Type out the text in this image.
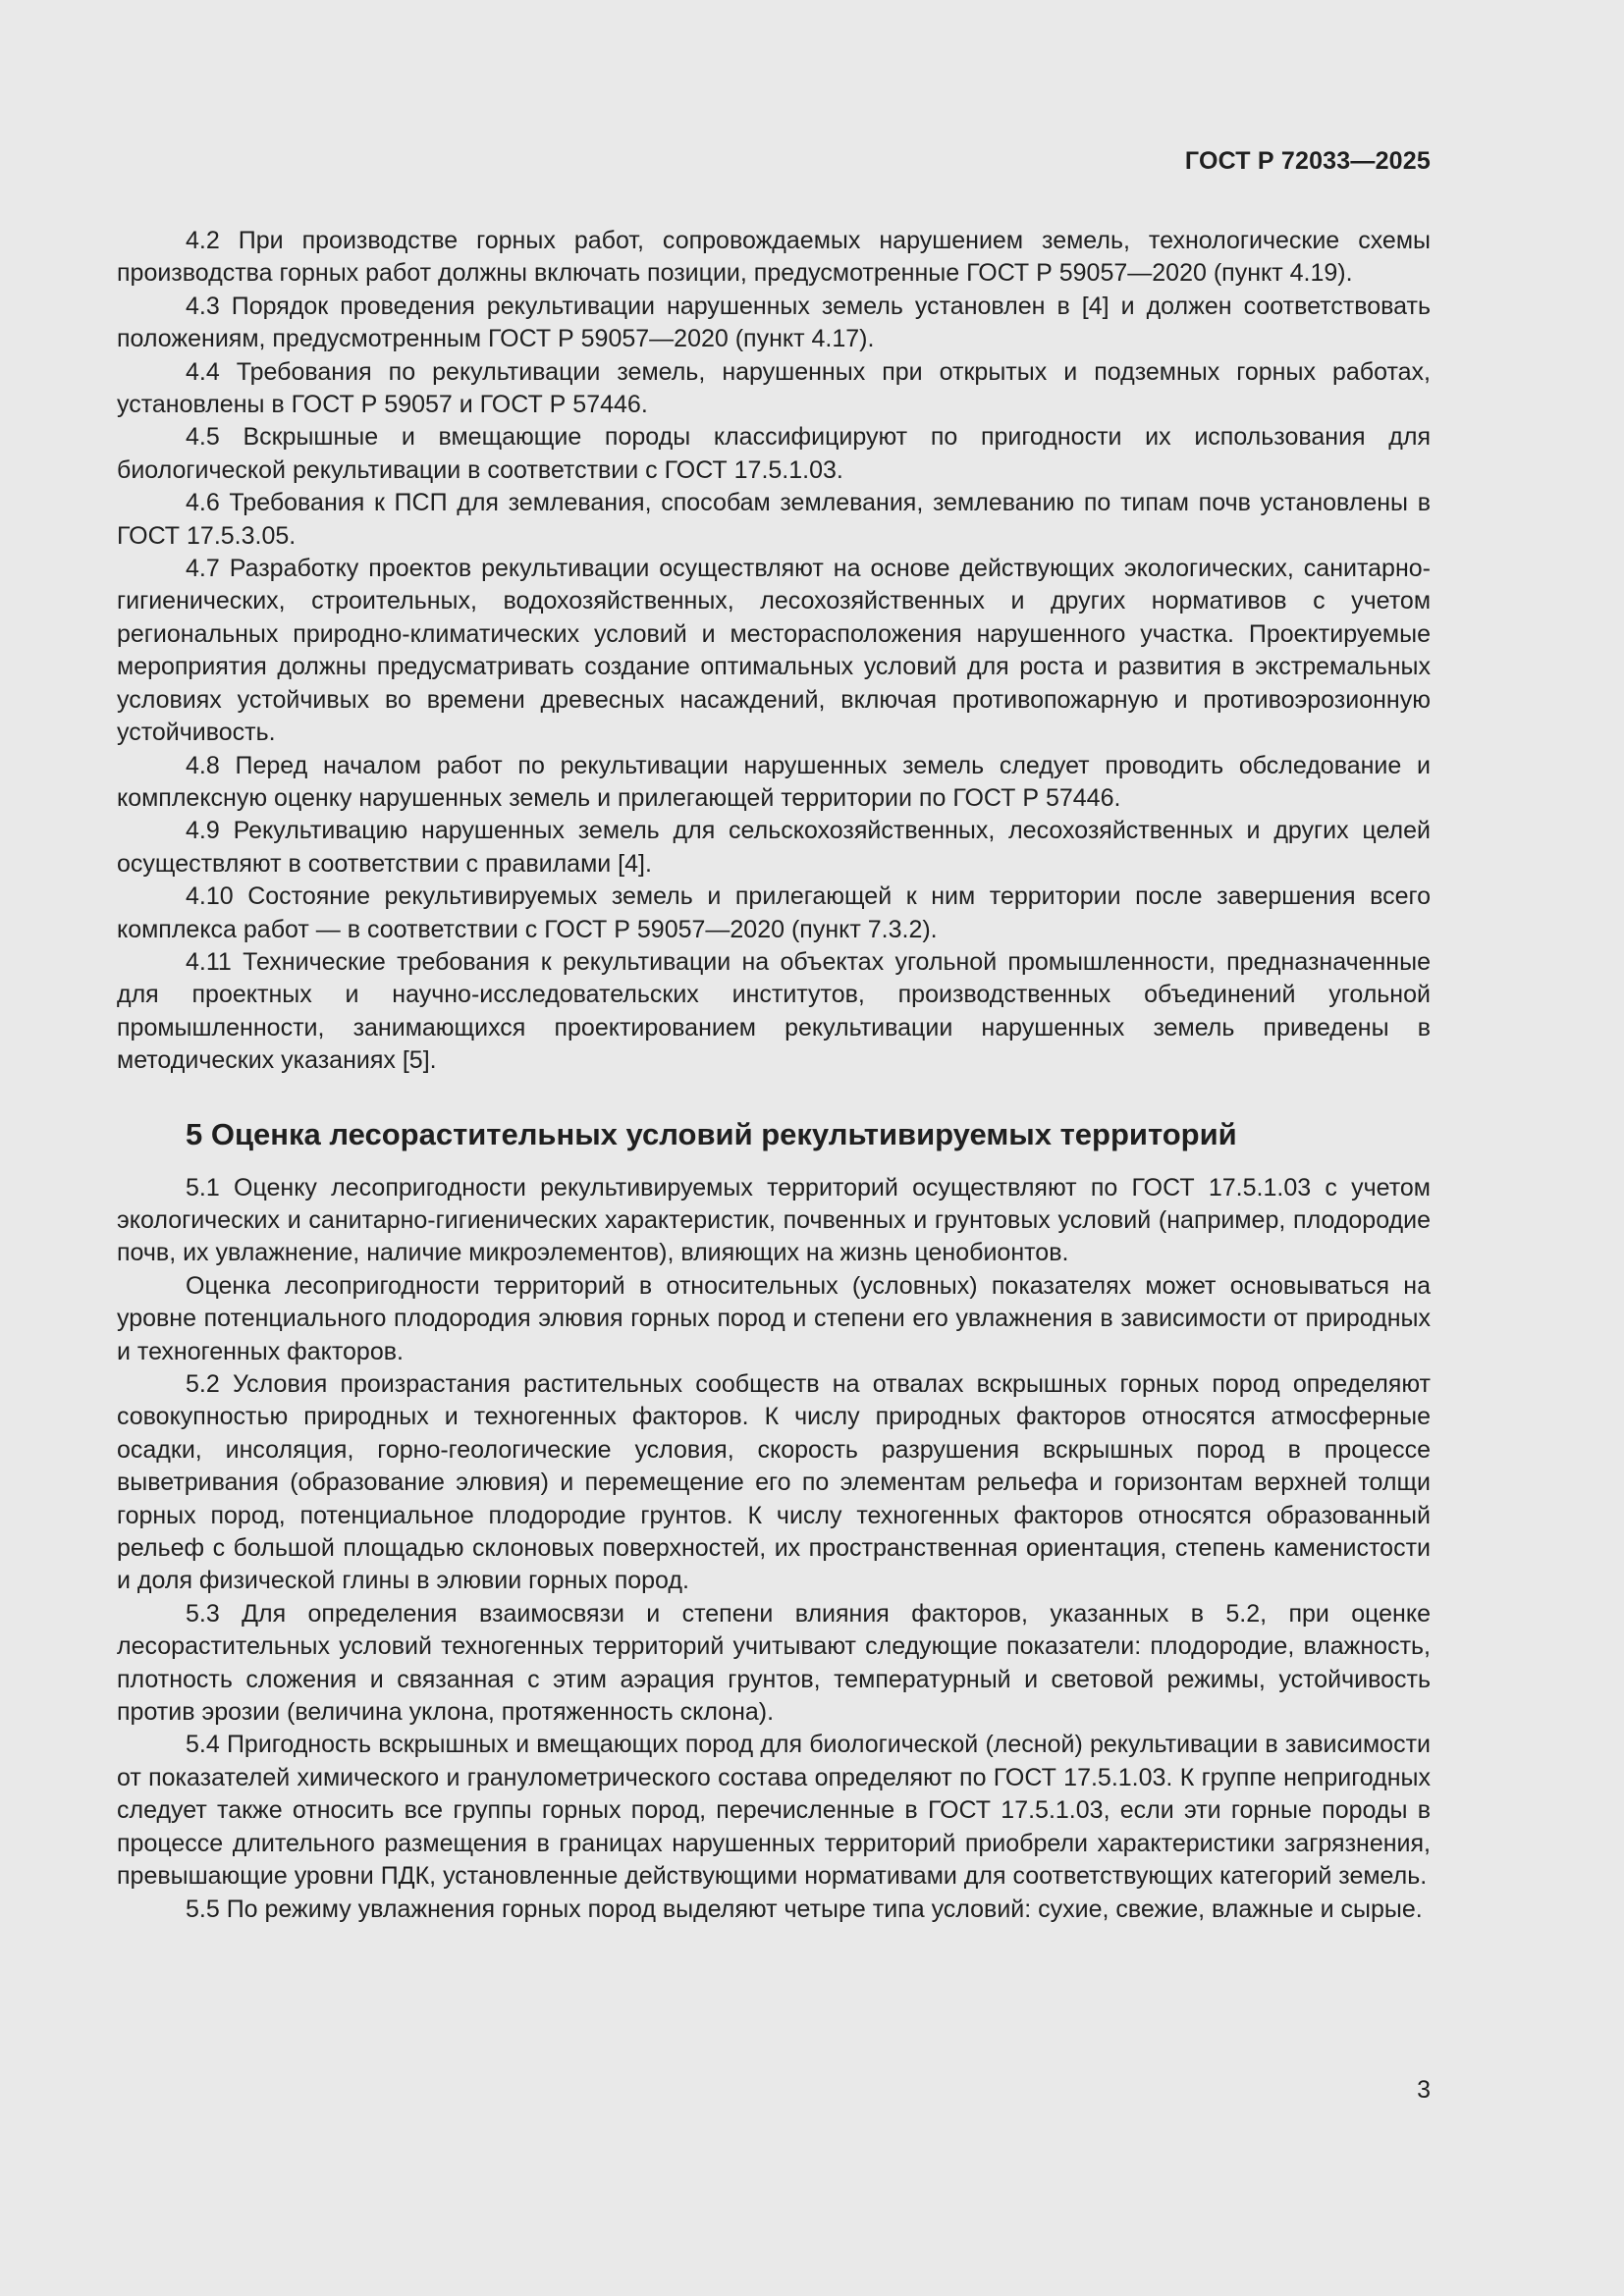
ГОСТ Р 72033—2025

4.2 При производстве горных работ, сопровождаемых нарушением земель, технологические схемы производства горных работ должны включать позиции, предусмотренные ГОСТ Р 59057—2020 (пункт 4.19).

4.3 Порядок проведения рекультивации нарушенных земель установлен в [4] и должен соответствовать положениям, предусмотренным ГОСТ Р 59057—2020 (пункт 4.17).

4.4 Требования по рекультивации земель, нарушенных при открытых и подземных горных работах, установлены в ГОСТ Р 59057 и ГОСТ Р 57446.

4.5 Вскрышные и вмещающие породы классифицируют по пригодности их использования для биологической рекультивации в соответствии с ГОСТ 17.5.1.03.

4.6 Требования к ПСП для землевания, способам землевания, землеванию по типам почв установлены в ГОСТ 17.5.3.05.

4.7 Разработку проектов рекультивации осуществляют на основе действующих экологических, санитарно-гигиенических, строительных, водохозяйственных, лесохозяйственных и других нормативов с учетом региональных природно-климатических условий и месторасположения нарушенного участка. Проектируемые мероприятия должны предусматривать создание оптимальных условий для роста и развития в экстремальных условиях устойчивых во времени древесных насаждений, включая противопожарную и противоэрозионную устойчивость.

4.8 Перед началом работ по рекультивации нарушенных земель следует проводить обследование и комплексную оценку нарушенных земель и прилегающей территории по ГОСТ Р 57446.

4.9 Рекультивацию нарушенных земель для сельскохозяйственных, лесохозяйственных и других целей осуществляют в соответствии с правилами [4].

4.10 Состояние рекультивируемых земель и прилегающей к ним территории после завершения всего комплекса работ — в соответствии с ГОСТ Р 59057—2020 (пункт 7.3.2).

4.11 Технические требования к рекультивации на объектах угольной промышленности, предназначенные для проектных и научно-исследовательских институтов, производственных объединений угольной промышленности, занимающихся проектированием рекультивации нарушенных земель приведены в методических указаниях [5].

5 Оценка лесорастительных условий рекультивируемых территорий

5.1 Оценку лесопригодности рекультивируемых территорий осуществляют по ГОСТ 17.5.1.03 с учетом экологических и санитарно-гигиенических характеристик, почвенных и грунтовых условий (например, плодородие почв, их увлажнение, наличие микроэлементов), влияющих на жизнь ценобионтов.

Оценка лесопригодности территорий в относительных (условных) показателях может основываться на уровне потенциального плодородия элювия горных пород и степени его увлажнения в зависимости от природных и техногенных факторов.

5.2 Условия произрастания растительных сообществ на отвалах вскрышных горных пород определяют совокупностью природных и техногенных факторов. К числу природных факторов относятся атмосферные осадки, инсоляция, горно-геологические условия, скорость разрушения вскрышных пород в процессе выветривания (образование элювия) и перемещение его по элементам рельефа и горизонтам верхней толщи горных пород, потенциальное плодородие грунтов. К числу техногенных факторов относятся образованный рельеф с большой площадью склоновых поверхностей, их пространственная ориентация, степень каменистости и доля физической глины в элювии горных пород.

5.3 Для определения взаимосвязи и степени влияния факторов, указанных в 5.2, при оценке лесорастительных условий техногенных территорий учитывают следующие показатели: плодородие, влажность, плотность сложения и связанная с этим аэрация грунтов, температурный и световой режимы, устойчивость против эрозии (величина уклона, протяженность склона).

5.4 Пригодность вскрышных и вмещающих пород для биологической (лесной) рекультивации в зависимости от показателей химического и гранулометрического состава определяют по ГОСТ 17.5.1.03. К группе непригодных следует также относить все группы горных пород, перечисленные в ГОСТ 17.5.1.03, если эти горные породы в процессе длительного размещения в границах нарушенных территорий приобрели характеристики загрязнения, превышающие уровни ПДК, установленные действующими нормативами для соответствующих категорий земель.

5.5 По режиму увлажнения горных пород выделяют четыре типа условий: сухие, свежие, влажные и сырые.

3
